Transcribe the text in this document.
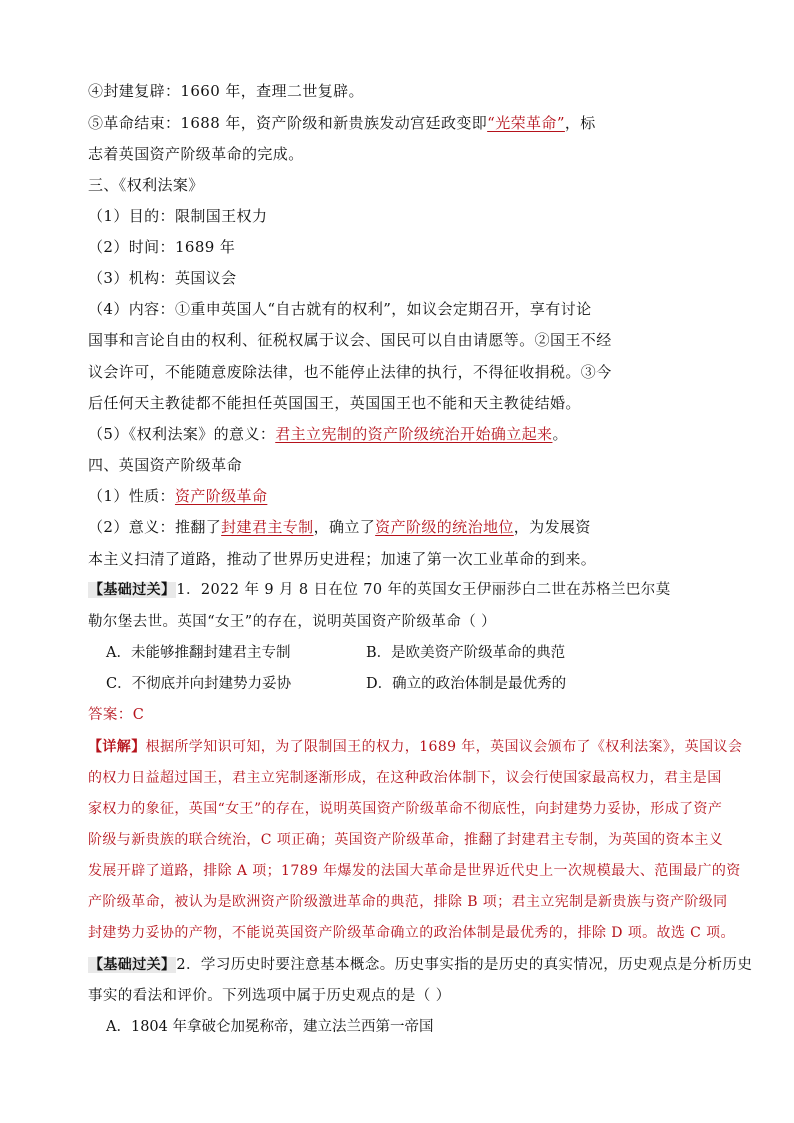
④封建复辟：1660 年，查理二世复辟。
⑤革命结束：1688 年，资产阶级和新贵族发动宫廷政变即“光荣革命”，标
志着英国资产阶级革命的完成。
三、《权利法案》
（1）目的：限制国王权力
（2）时间：1689 年
（3）机构：英国议会
（4）内容：①重申英国人“自古就有的权利”，如议会定期召开，享有讨论
国事和言论自由的权利、征税权属于议会、国民可以自由请愿等。②国王不经
议会许可，不能随意废除法律，也不能停止法律的执行，不得征收捐税。③今
后任何天主教徒都不能担任英国国王，英国国王也不能和天主教徒结婚。
（5）《权利法案》的意义：君主立宪制的资产阶级统治开始确立起来。
四、英国资产阶级革命
（1）性质：资产阶级革命
（2）意义：推翻了封建君主专制，确立了资产阶级的统治地位，为发展资
本主义扫清了道路，推动了世界历史进程；加速了第一次工业革命的到来。
【基础过关】1．2022 年 9 月 8 日在位 70 年的英国女王伊丽莎白二世在苏格兰巴尔莫
勒尔堡去世。英国“女王”的存在，说明英国资产阶级革命（ ）
A．未能够推翻封建君主专制	B．是欧美资产阶级革命的典范
C．不彻底并向封建势力妥协	D．确立的政治体制是最优秀的
答案：C
【详解】根据所学知识可知，为了限制国王的权力，1689 年，英国议会颁布了《权利法案》，英国议会
的权力日益超过国王，君主立宪制逐渐形成，在这种政治体制下，议会行使国家最高权力，君主是国
家权力的象征，英国“女王”的存在，说明英国资产阶级革命不彻底性，向封建势力妥协，形成了资产
阶级与新贵族的联合统治，C 项正确；英国资产阶级革命，推翻了封建君主专制，为英国的资本主义
发展开辟了道路，排除 A 项；1789 年爆发的法国大革命是世界近代史上一次规模最大、范围最广的资
产阶级革命，被认为是欧洲资产阶级激进革命的典范，排除 B 项；君主立宪制是新贵族与资产阶级同
封建势力妥协的产物，不能说英国资产阶级革命确立的政治体制是最优秀的，排除 D 项。故选 C 项。
【基础过关】2．学习历史时要注意基本概念。历史事实指的是历史的真实情况，历史观点是分析历史
事实的看法和评价。下列选项中属于历史观点的是（ ）
A．1804 年拿破仑加冕称帝，建立法兰西第一帝国
